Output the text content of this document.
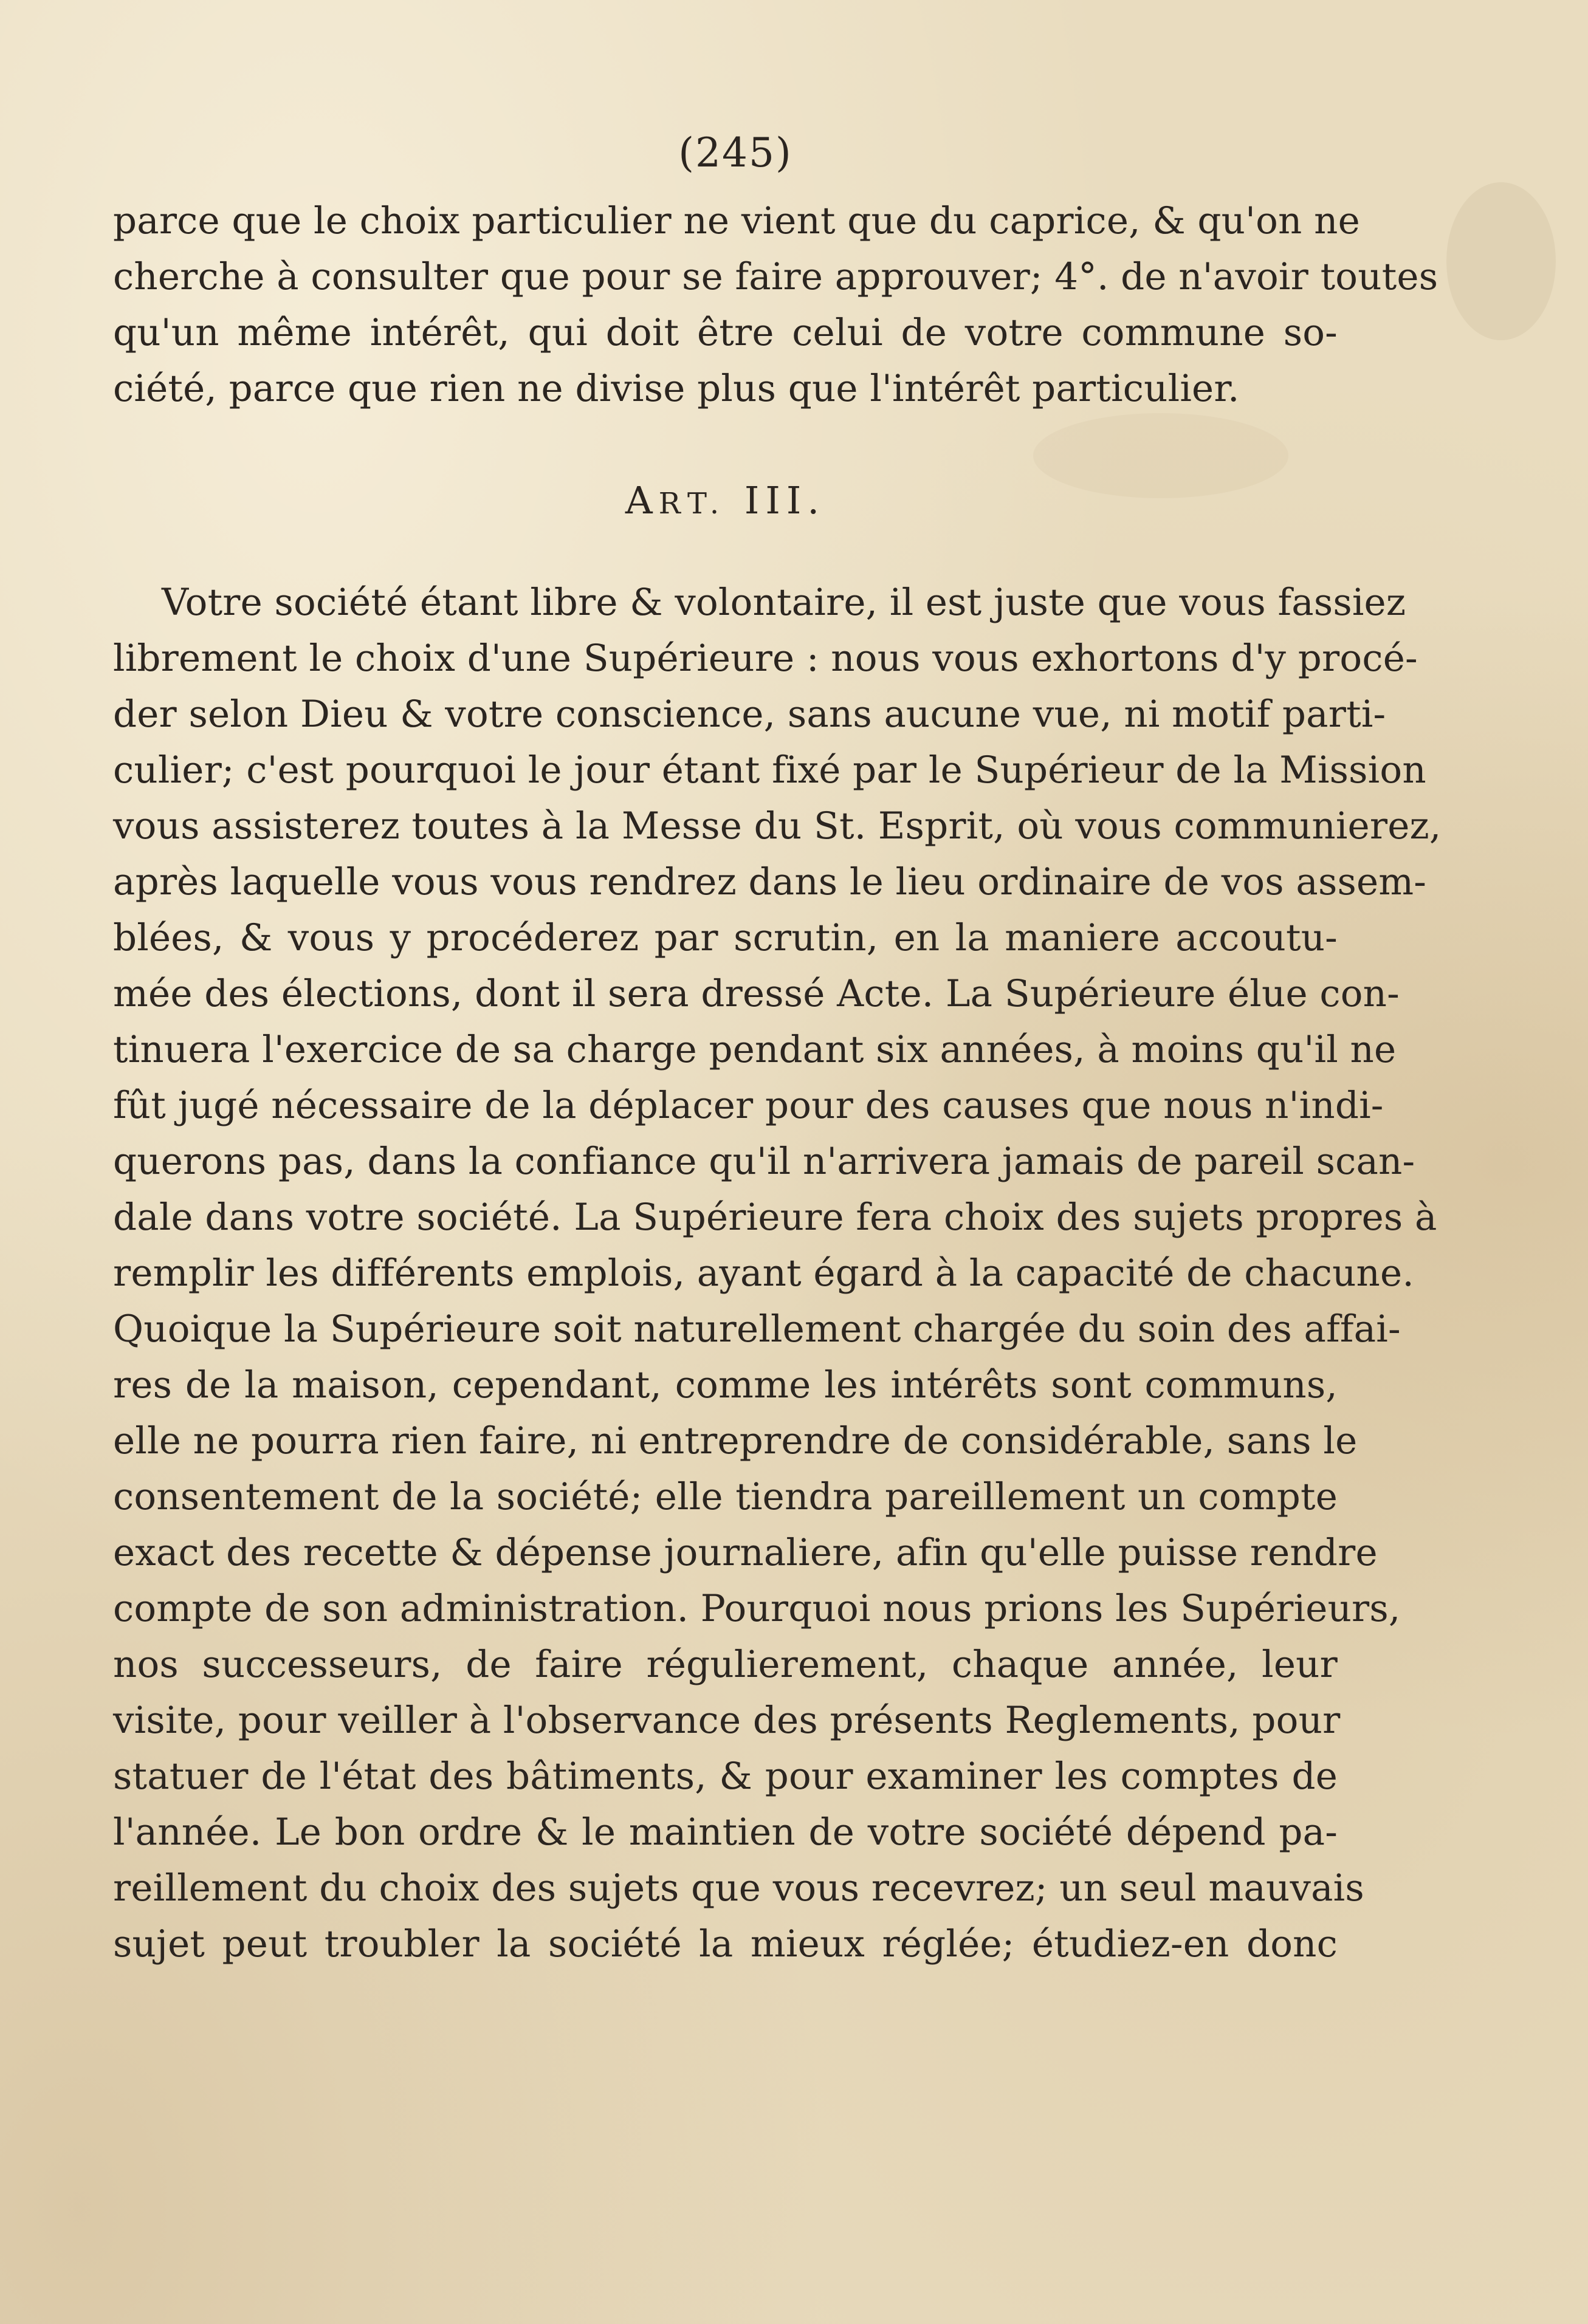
(245)
parce que le choix particulier ne vient que du caprice, & qu'on ne
cherche à consulter que pour se faire approuver; 4°. de n'avoir toutes
qu'un même intérêt, qui doit être celui de votre commune so-
ciété, parce que rien ne divise plus que l'intérêt particulier.
ART. III.
Votre société étant libre & volontaire, il est juste que vous fassiez
librement le choix d'une Supérieure : nous vous exhortons d'y procé-
der selon Dieu & votre conscience, sans aucune vue, ni motif parti-
culier; c'est pourquoi le jour étant fixé par le Supérieur de la Mission
vous assisterez toutes à la Messe du St. Esprit, où vous communierez,
après laquelle vous vous rendrez dans le lieu ordinaire de vos assem-
blées, & vous y procéderez par scrutin, en la maniere accoutu-
mée des élections, dont il sera dressé Acte. La Supérieure élue con-
tinuera l'exercice de sa charge pendant six années, à moins qu'il ne
fût jugé nécessaire de la déplacer pour des causes que nous n'indi-
querons pas, dans la confiance qu'il n'arrivera jamais de pareil scan-
dale dans votre société. La Supérieure fera choix des sujets propres à
remplir les différents emplois, ayant égard à la capacité de chacune.
Quoique la Supérieure soit naturellement chargée du soin des affai-
res de la maison, cependant, comme les intérêts sont communs,
elle ne pourra rien faire, ni entreprendre de considérable, sans le
consentement de la société; elle tiendra pareillement un compte
exact des recette & dépense journaliere, afin qu'elle puisse rendre
compte de son administration. Pourquoi nous prions les Supérieurs,
nos successeurs, de faire régulierement, chaque année, leur
visite, pour veiller à l'observance des présents Reglements, pour
statuer de l'état des bâtiments, & pour examiner les comptes de
l'année. Le bon ordre & le maintien de votre société dépend pa-
reillement du choix des sujets que vous recevrez; un seul mauvais
sujet peut troubler la société la mieux réglée; étudiez-en donc
